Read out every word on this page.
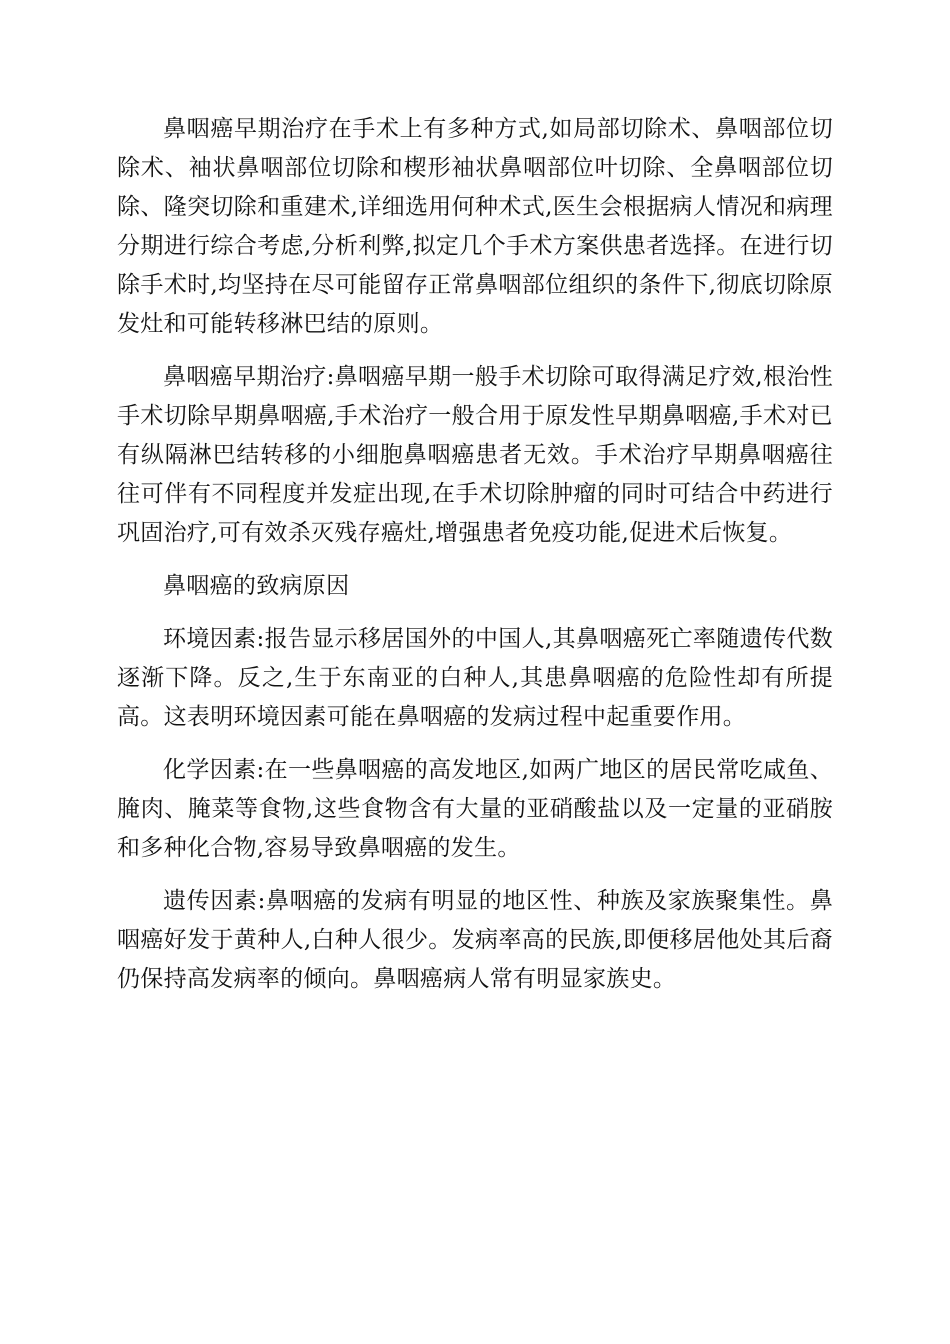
鼻咽癌早期治疗在手术上有多种方式,如局部切除术、鼻咽部位切除术、袖状鼻咽部位切除和楔形袖状鼻咽部位叶切除、全鼻咽部位切除、隆突切除和重建术,详细选用何种术式,医生会根据病人情况和病理分期进行综合考虑,分析利弊,拟定几个手术方案供患者选择。在进行切除手术时,均坚持在尽可能留存正常鼻咽部位组织的条件下,彻底切除原发灶和可能转移淋巴结的原则。

鼻咽癌早期治疗:鼻咽癌早期一般手术切除可取得满足疗效,根治性手术切除早期鼻咽癌,手术治疗一般合用于原发性早期鼻咽癌,手术对已有纵隔淋巴结转移的小细胞鼻咽癌患者无效。手术治疗早期鼻咽癌往往可伴有不同程度并发症出现,在手术切除肿瘤的同时可结合中药进行巩固治疗,可有效杀灭残存癌灶,增强患者免疫功能,促进术后恢复。

鼻咽癌的致病原因

环境因素:报告显示移居国外的中国人,其鼻咽癌死亡率随遗传代数逐渐下降。反之,生于东南亚的白种人,其患鼻咽癌的危险性却有所提高。这表明环境因素可能在鼻咽癌的发病过程中起重要作用。

化学因素:在一些鼻咽癌的高发地区,如两广地区的居民常吃咸鱼、腌肉、腌菜等食物,这些食物含有大量的亚硝酸盐以及一定量的亚硝胺和多种化合物,容易导致鼻咽癌的发生。

遗传因素:鼻咽癌的发病有明显的地区性、种族及家族聚集性。鼻咽癌好发于黄种人,白种人很少。发病率高的民族,即便移居他处其后裔仍保持高发病率的倾向。鼻咽癌病人常有明显家族史。
